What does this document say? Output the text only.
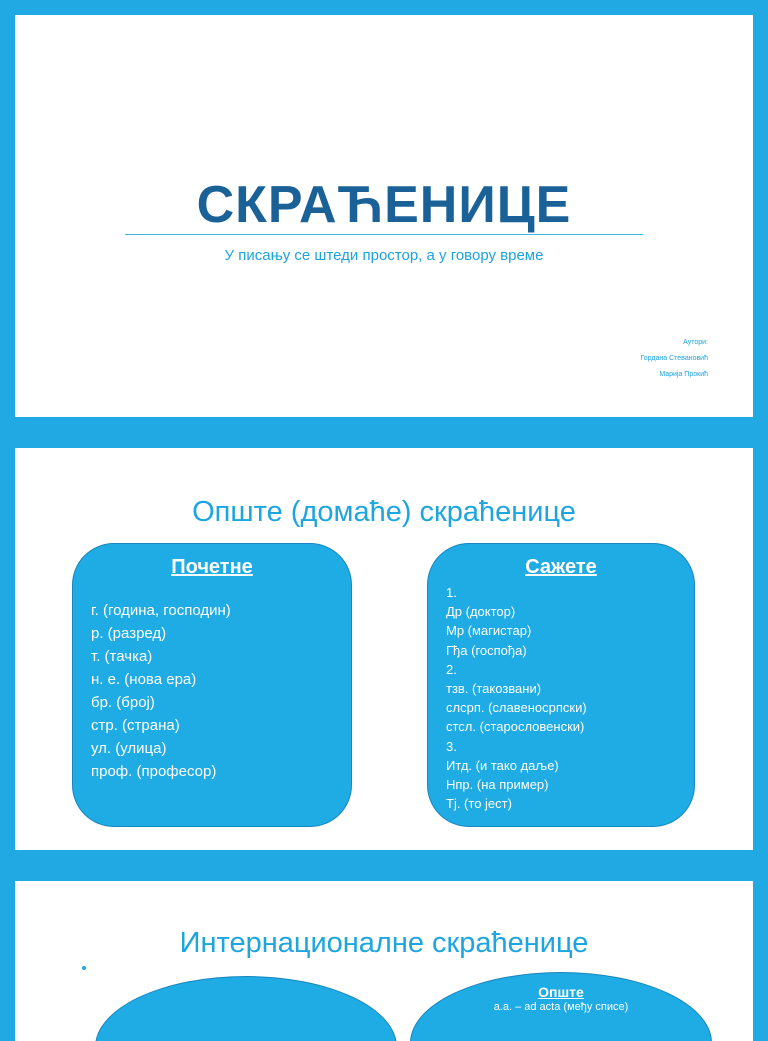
СКРАЋЕНИЦЕ
У писању се штеди простор, а у говору време
Аутори:
Гордана Стевановић
Марија Прокић
Опште (домаће) скраћенице
Почетне
г. (година, господин)
р. (разред)
т. (тачка)
н. е. (нова ера)
бр. (број)
стр. (страна)
ул. (улица)
проф. (професор)
Сажете
1.
Др (доктор)
Мр (магистар)
Гђа (госпођа)
2.
тзв. (такозвани)
слсрп. (славеносрпски)
стсл. (старословенски)
3.
Итд. (и тако даље)
Нпр. (на пример)
Тј. (то јест)
Интернационалне скраћенице
Опште
a.a. – ad acta (међу списе)
